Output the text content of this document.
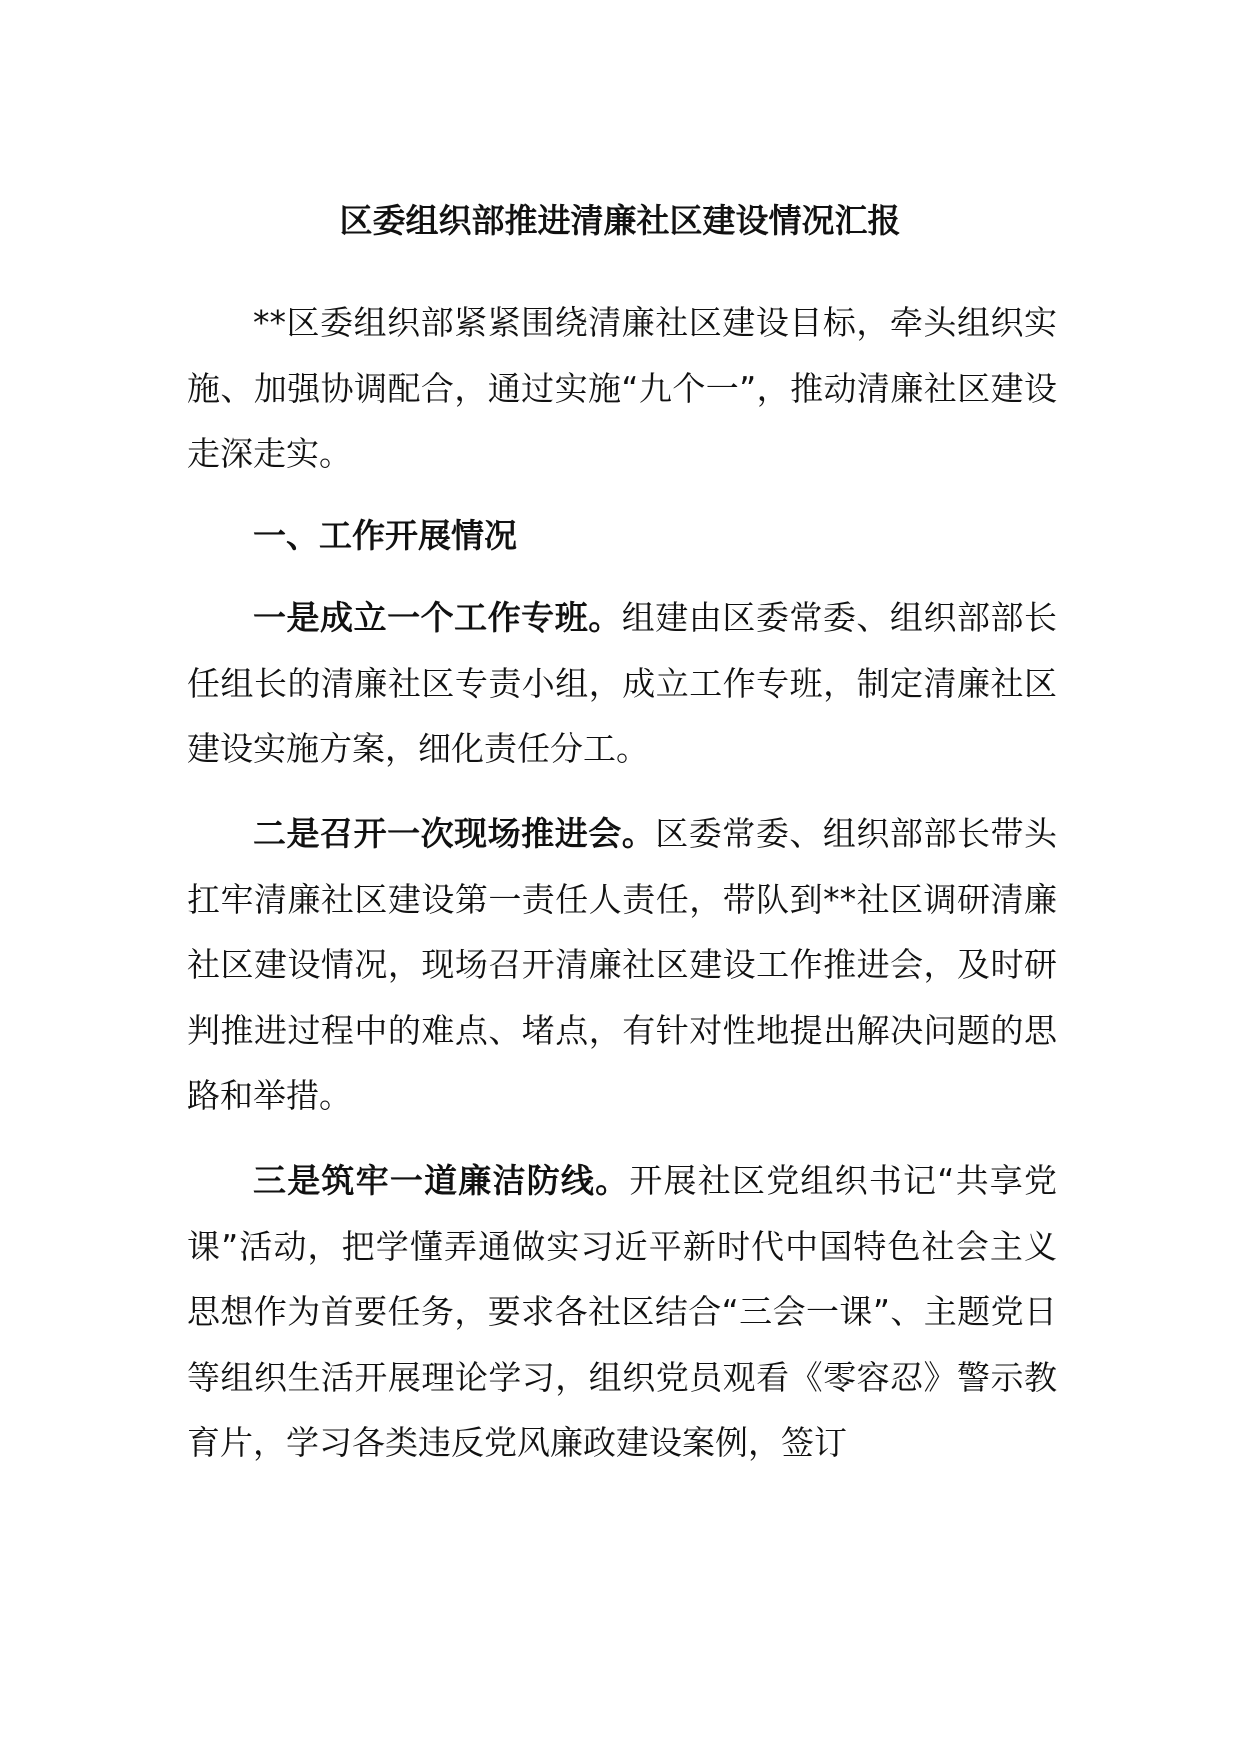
区委组织部推进清廉社区建设情况汇报

**区委组织部紧紧围绕清廉社区建设目标，牵头组织实施、加强协调配合，通过实施“九个一”，推动清廉社区建设走深走实。

一、工作开展情况

一是成立一个工作专班。组建由区委常委、组织部部长任组长的清廉社区专责小组，成立工作专班，制定清廉社区建设实施方案，细化责任分工。

二是召开一次现场推进会。区委常委、组织部部长带头扛牢清廉社区建设第一责任人责任，带队到**社区调研清廉社区建设情况，现场召开清廉社区建设工作推进会，及时研判推进过程中的难点、堵点，有针对性地提出解决问题的思路和举措。

三是筑牢一道廉洁防线。开展社区党组织书记“共享党课”活动，把学懂弄通做实习近平新时代中国特色社会主义思想作为首要任务，要求各社区结合“三会一课”、主题党日等组织生活开展理论学习，组织党员观看《零容忍》警示教育片，学习各类违反党风廉政建设案例，签订
